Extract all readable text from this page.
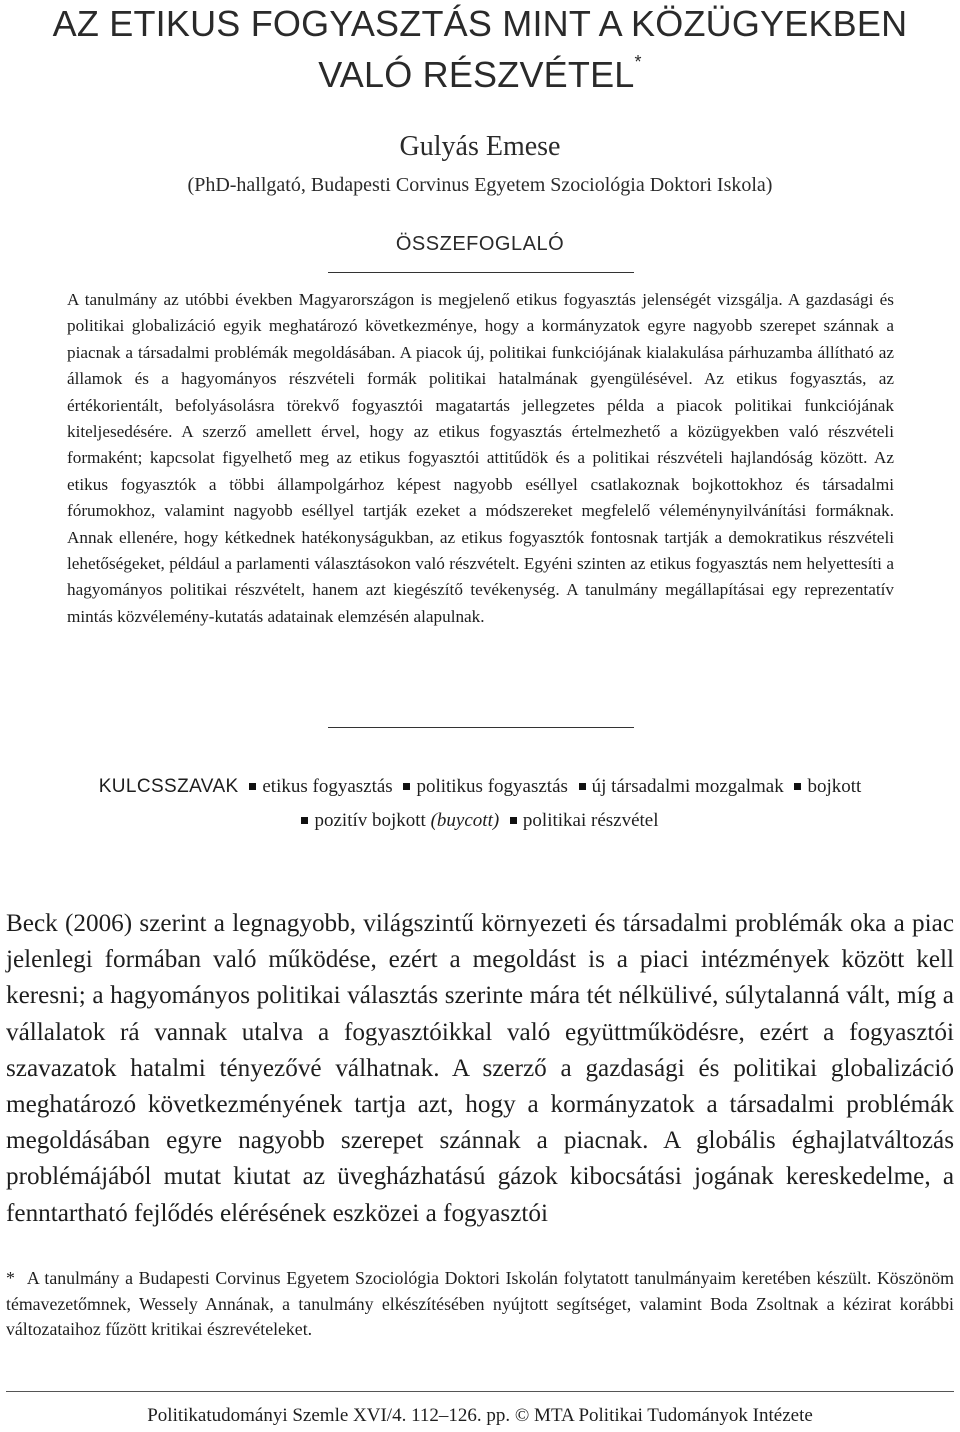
AZ ETIKUS FOGYASZTÁS MINT A KÖZÜGYEKBEN
VALÓ RÉSZVÉTEL*
Gulyás Emese
(PhD-hallgató, Budapesti Corvinus Egyetem Szociológia Doktori Iskola)
ÖSSZEFOGLALÓ

A tanulmány az utóbbi években Magyarországon is megjelenő etikus fogyasztás jelenségét vizsgálja. A gazdasági és politikai globalizáció egyik meghatározó következménye, hogy a kormányzatok egyre nagyobb szerepet szánnak a piacnak a társadalmi problémák megoldásában. A piacok új, politikai funkciójának kialakulása párhuzamba állítható az államok és a hagyományos részvételi formák politikai hatalmának gyengülésével. Az etikus fogyasztás, az értékorientált, befolyásolásra törekvő fogyasztói magatartás jellegzetes példa a piacok politikai funkciójának kiteljesedésére. A szerző amellett érvel, hogy az etikus fogyasztás értelmezhető a közügyekben való részvételi formaként; kapcsolat figyelhető meg az etikus fogyasztói attitűdök és a politikai részvételi hajlandóság között. Az etikus fogyasztók a többi állampolgárhoz képest nagyobb eséllyel csatlakoznak bojkottokhoz és társadalmi fórumokhoz, valamint nagyobb eséllyel tartják ezeket a módszereket megfelelő véleménynyilvánítási formáknak. Annak ellenére, hogy kétkednek hatékonyságukban, az etikus fogyasztók fontosnak tartják a demokratikus részvételi lehetőségeket, például a parlamenti választásokon való részvételt. Egyéni szinten az etikus fogyasztás nem helyettesíti a hagyományos politikai részvételt, hanem azt kiegészítő tevékenység. A tanulmány megállapításai egy reprezentatív mintás közvélemény-kutatás adatainak elemzésén alapulnak.

KULCSSZAVAK etikus fogyasztás politikus fogyasztás új társadalmi mozgalmak bojkott
pozitív bojkott (buycott) politikai részvétel

Beck (2006) szerint a legnagyobb, világszintű környezeti és társadalmi problémák oka a piac jelenlegi formában való működése, ezért a megoldást is a piaci intézmények között kell keresni; a hagyományos politikai választás szerinte mára tét nélkülivé, súlytalanná vált, míg a vállalatok rá vannak utalva a fogyasztóikkal való együttműködésre, ezért a fogyasztói szavazatok hatalmi tényezővé válhatnak. A szerző a gazdasági és politikai globalizáció meghatározó következményének tartja azt, hogy a kormányzatok a társadalmi problémák megoldásában egyre nagyobb szerepet szánnak a piacnak. A globális éghajlatváltozás problémájából mutat kiutat az üvegházhatású gázok kibocsátási jogának kereskedelme, a fenntartható fejlődés elérésének eszközei a fogyasztói

* A tanulmány a Budapesti Corvinus Egyetem Szociológia Doktori Iskolán folytatott tanulmányaim keretében készült. Köszönöm témavezetőmnek, Wessely Annának, a tanulmány elkészítésében nyújtott segítséget, valamint Boda Zsoltnak a kézirat korábbi változataihoz fűzött kritikai észrevételeket.

Politikatudományi Szemle XVI/4. 112–126. pp. © MTA Politikai Tudományok Intézete
